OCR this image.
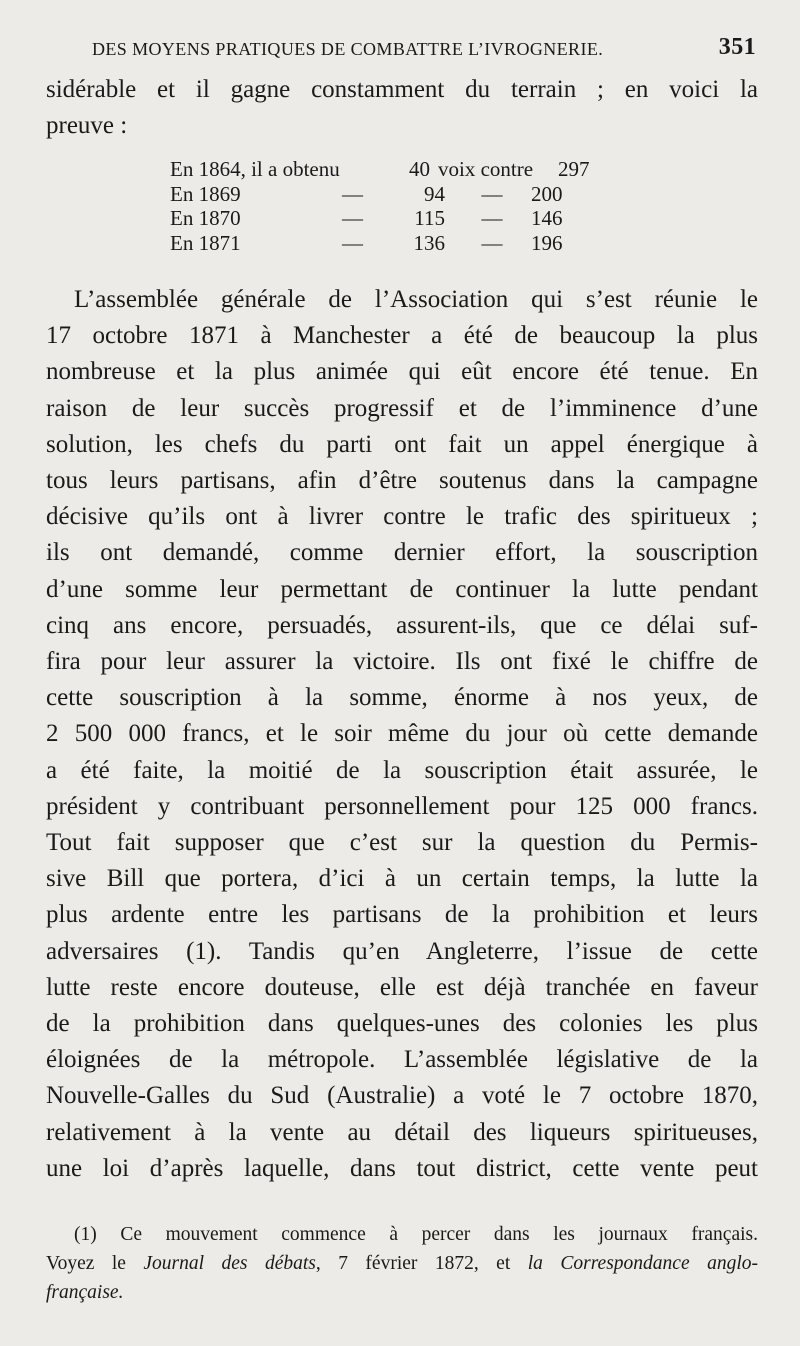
DES MOYENS PRATIQUES DE COMBATTRE L’IVROGNERIE.	351
sidérable et il gagne constamment du terrain ; en voici la
preuve :
En 1864, il a obtenu	40 voix contre	297
En 1869	—	94	—	200
En 1870	—	115	—	146
En 1871	—	136	—	196
L’assemblée générale de l’Association qui s’est réunie le
17 octobre 1871 à Manchester a été de beaucoup la plus
nombreuse et la plus animée qui eût encore été tenue. En
raison de leur succès progressif et de l’imminence d’une
solution, les chefs du parti ont fait un appel énergique à
tous leurs partisans, afin d’être soutenus dans la campagne
décisive qu’ils ont à livrer contre le trafic des spiritueux ;
ils ont demandé, comme dernier effort, la souscription
d’une somme leur permettant de continuer la lutte pendant
cinq ans encore, persuadés, assurent-ils, que ce délai suf-
fira pour leur assurer la victoire. Ils ont fixé le chiffre de
cette souscription à la somme, énorme à nos yeux, de
2 500 000 francs, et le soir même du jour où cette demande
a été faite, la moitié de la souscription était assurée, le
président y contribuant personnellement pour 125 000 francs.
Tout fait supposer que c’est sur la question du Permis-
sive Bill que portera, d’ici à un certain temps, la lutte la
plus ardente entre les partisans de la prohibition et leurs
adversaires (1). Tandis qu’en Angleterre, l’issue de cette
lutte reste encore douteuse, elle est déjà tranchée en faveur
de la prohibition dans quelques-unes des colonies les plus
éloignées de la métropole. L’assemblée législative de la
Nouvelle-Galles du Sud (Australie) a voté le 7 octobre 1870,
relativement à la vente au détail des liqueurs spiritueuses,
une loi d’après laquelle, dans tout district, cette vente peut
(1) Ce mouvement commence à percer dans les journaux français.
Voyez le Journal des débats, 7 février 1872, et la Correspondance anglo-
française.
